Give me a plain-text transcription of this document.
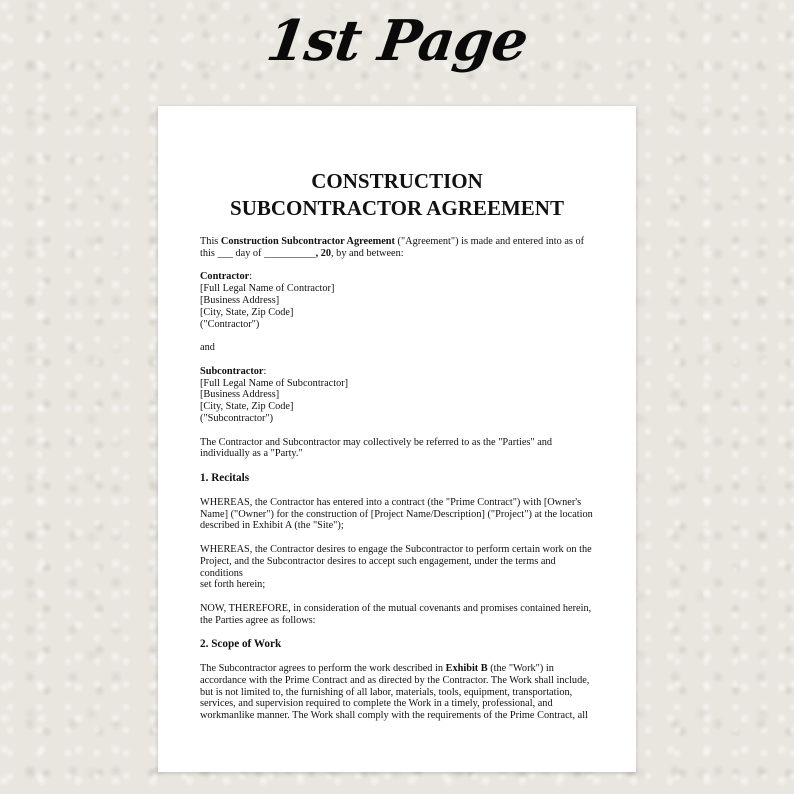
1st Page
CONSTRUCTION
SUBCONTRACTOR AGREEMENT
This Construction Subcontractor Agreement ("Agreement") is made and entered into as of
this ___ day of __________, 20, by and between:
Contractor:
[Full Legal Name of Contractor]
[Business Address]
[City, State, Zip Code]
("Contractor")
and
Subcontractor:
[Full Legal Name of Subcontractor]
[Business Address]
[City, State, Zip Code]
("Subcontractor")
The Contractor and Subcontractor may collectively be referred to as the "Parties" and
individually as a "Party."
1. Recitals
WHEREAS, the Contractor has entered into a contract (the "Prime Contract") with [Owner's
Name] ("Owner") for the construction of [Project Name/Description] ("Project") at the location
described in Exhibit A (the "Site");
WHEREAS, the Contractor desires to engage the Subcontractor to perform certain work on the
Project, and the Subcontractor desires to accept such engagement, under the terms and conditions
set forth herein;
NOW, THEREFORE, in consideration of the mutual covenants and promises contained herein,
the Parties agree as follows:
2. Scope of Work
The Subcontractor agrees to perform the work described in Exhibit B (the "Work") in
accordance with the Prime Contract and as directed by the Contractor. The Work shall include,
but is not limited to, the furnishing of all labor, materials, tools, equipment, transportation,
services, and supervision required to complete the Work in a timely, professional, and
workmanlike manner. The Work shall comply with the requirements of the Prime Contract, all
